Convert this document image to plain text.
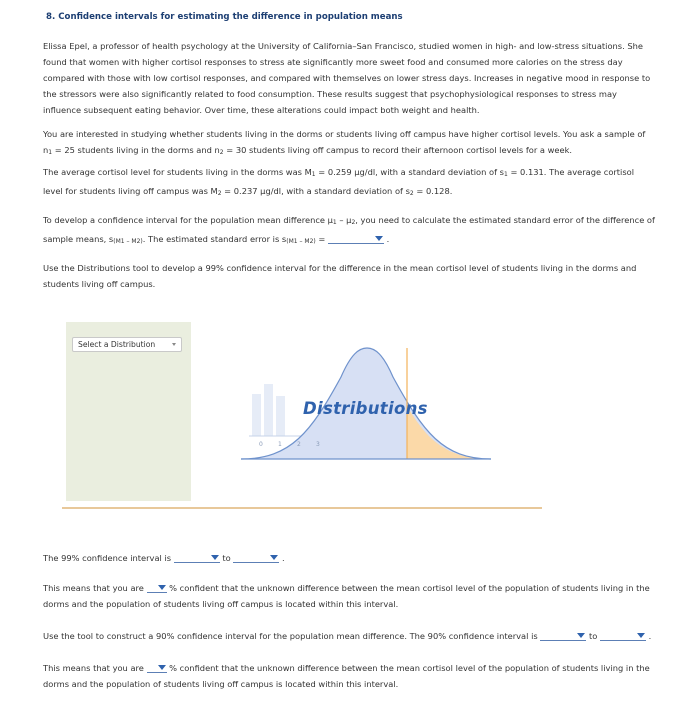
8. Confidence intervals for estimating the difference in population means
Elissa Epel, a professor of health psychology at the University of California–San Francisco, studied women in high- and low-stress situations. She found that women with higher cortisol responses to stress ate significantly more sweet food and consumed more calories on the stress day compared with those with low cortisol responses, and compared with themselves on lower stress days. Increases in negative mood in response to the stressors were also significantly related to food consumption. These results suggest that psychophysiological responses to stress may influence subsequent eating behavior. Over time, these alterations could impact both weight and health.
You are interested in studying whether students living in the dorms or students living off campus have higher cortisol levels. You ask a sample of n1 = 25 students living in the dorms and n2 = 30 students living off campus to record their afternoon cortisol levels for a week.
The average cortisol level for students living in the dorms was M1 = 0.259 µg/dl, with a standard deviation of s1 = 0.131. The average cortisol level for students living off campus was M2 = 0.237 µg/dl, with a standard deviation of s2 = 0.128.
To develop a confidence interval for the population mean difference µ1 – µ2, you need to calculate the estimated standard error of the difference of sample means, s(M1 – M2). The estimated standard error is s(M1 – M2) =	.
Use the Distributions tool to develop a 99% confidence interval for the difference in the mean cortisol level of students living in the dorms and students living off campus.
Select a Distribution
0	1	2	3
Distributions
The 99% confidence interval is	to	.
This means that you are
% confident that the unknown difference between the mean cortisol level of the population of students living in the dorms and the population of students living off campus is located within this interval.
Use the tool to construct a 90% confidence interval for the population mean difference. The 90% confidence interval is	to	.
This means that you are
% confident that the unknown difference between the mean cortisol level of the population of students living in the dorms and the population of students living off campus is located within this interval.
